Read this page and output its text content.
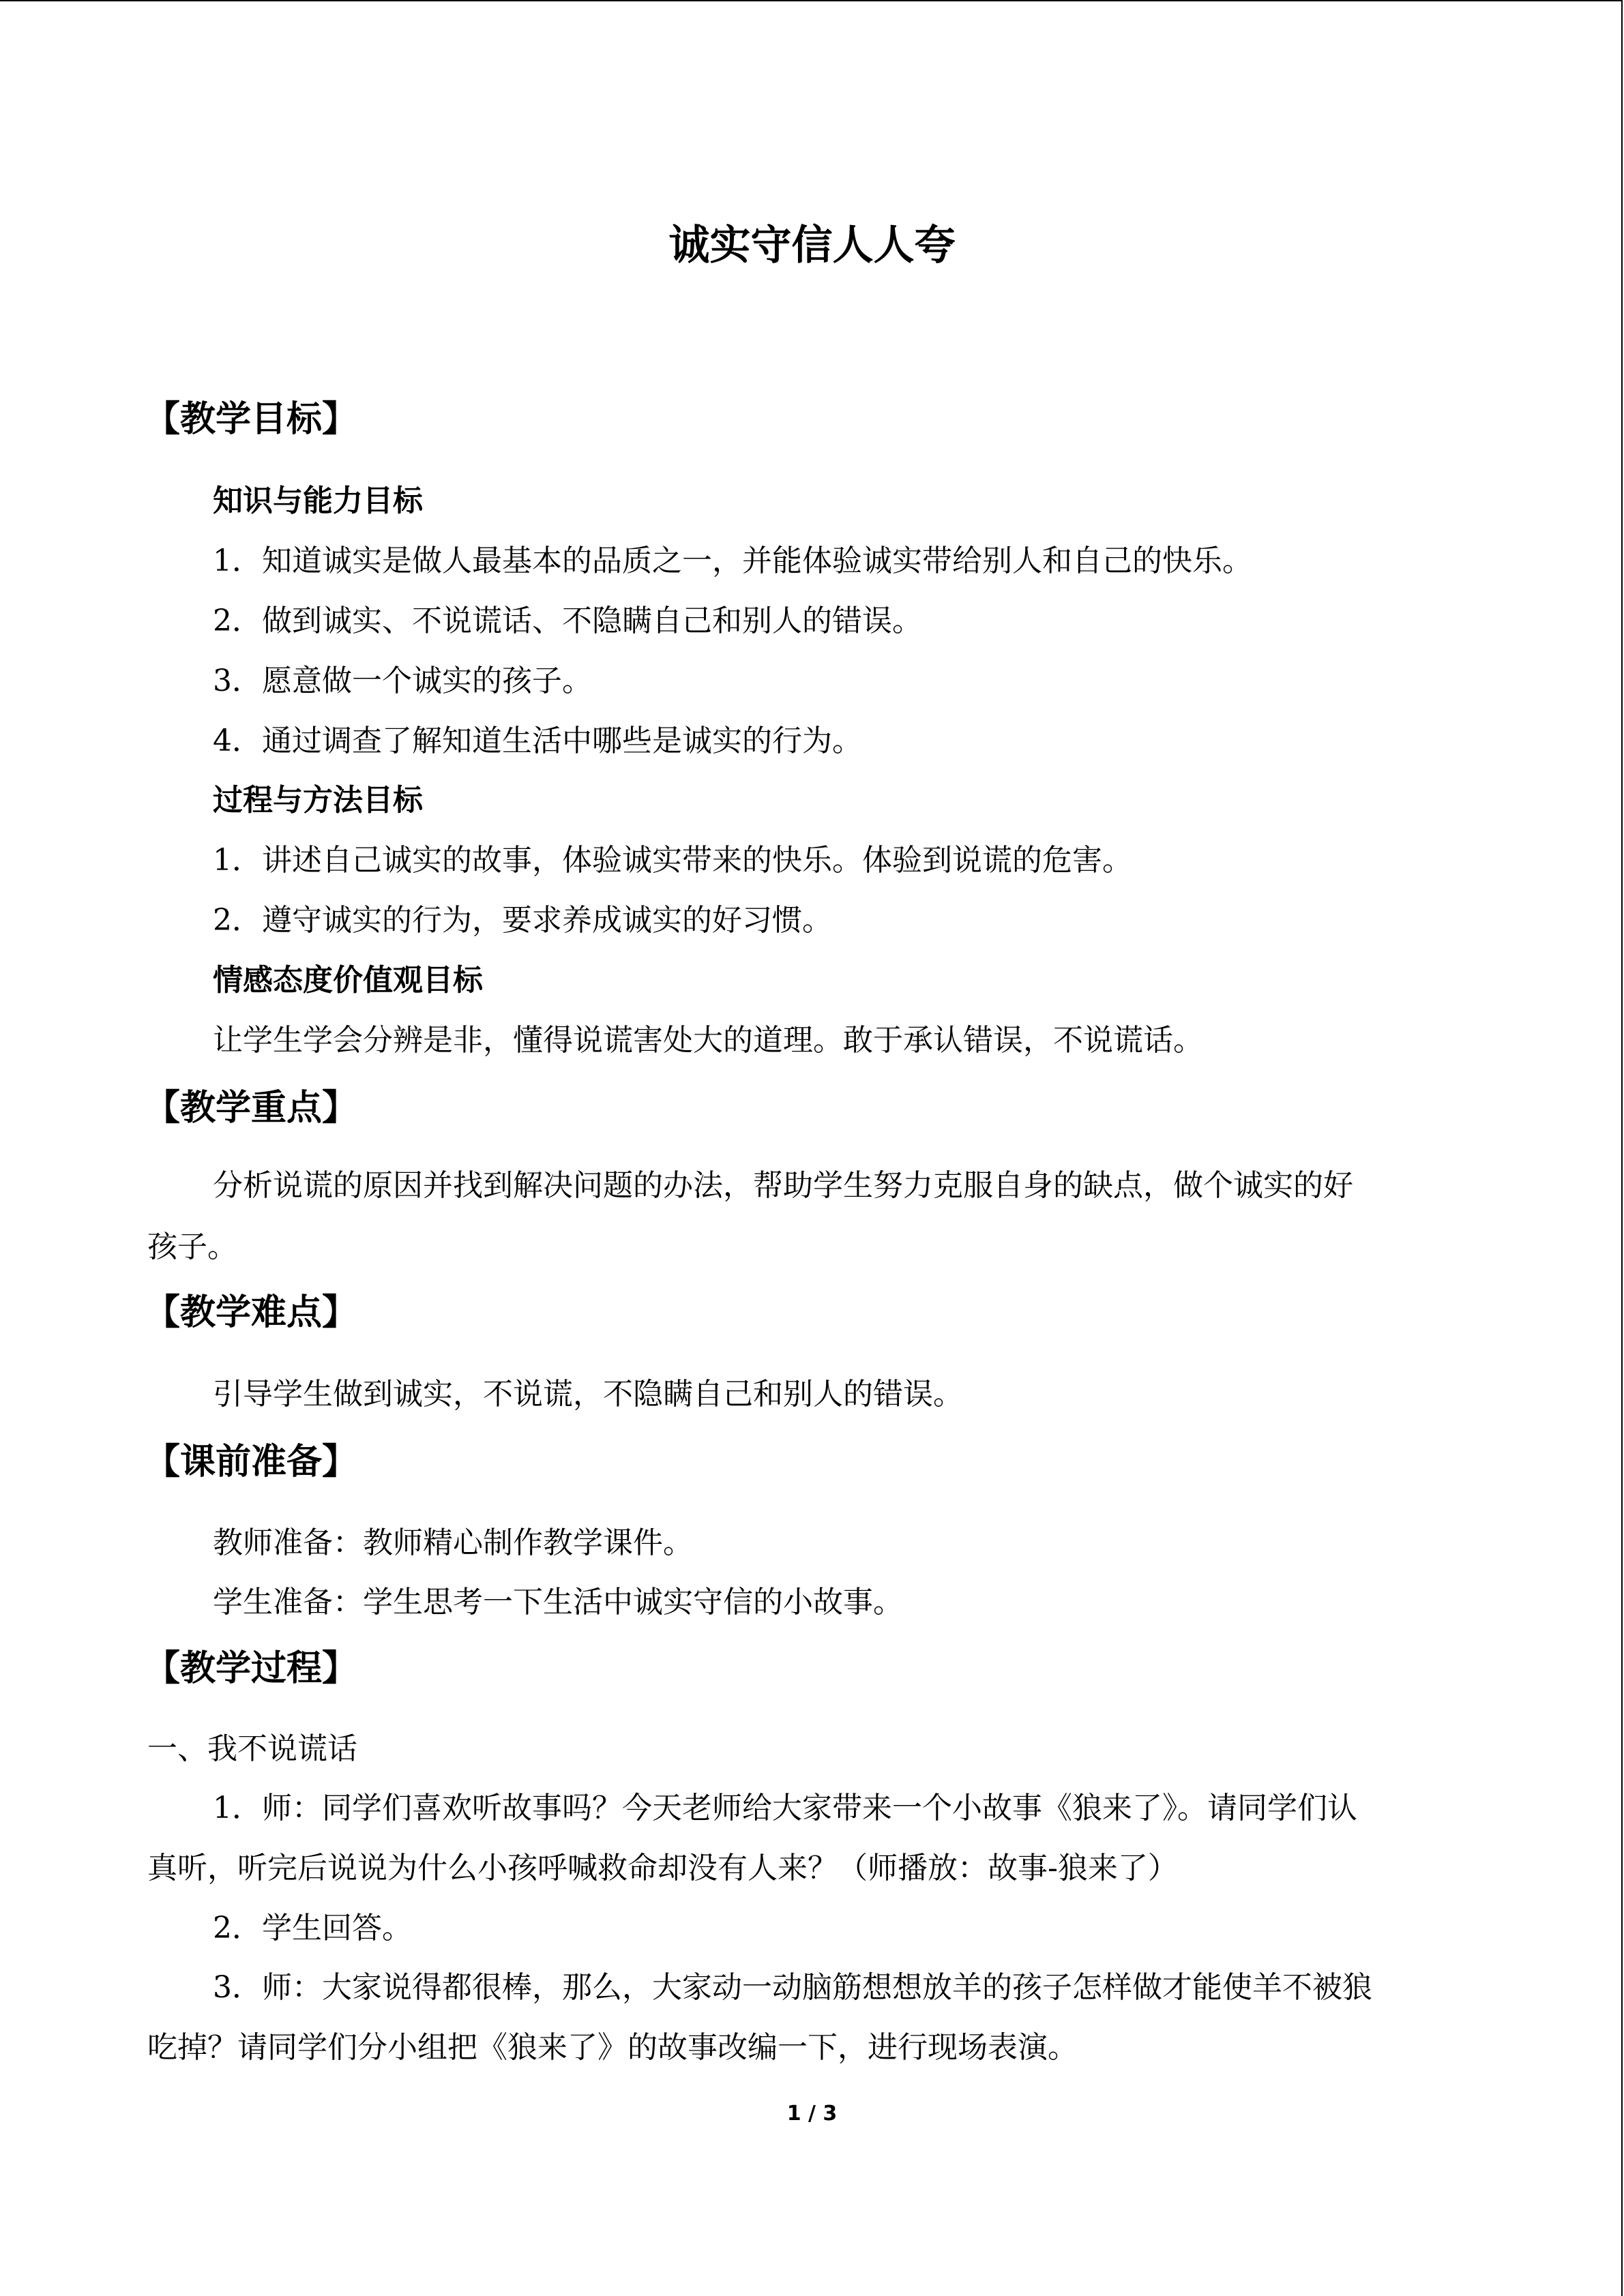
诚实守信人人夸
【教学目标】
知识与能力目标
1．知道诚实是做人最基本的品质之一，并能体验诚实带给别人和自己的快乐。
2．做到诚实、不说谎话、不隐瞒自己和别人的错误。
3．愿意做一个诚实的孩子。
4．通过调查了解知道生活中哪些是诚实的行为。
过程与方法目标
1．讲述自己诚实的故事，体验诚实带来的快乐。体验到说谎的危害。
2．遵守诚实的行为，要求养成诚实的好习惯。
情感态度价值观目标
让学生学会分辨是非，懂得说谎害处大的道理。敢于承认错误，不说谎话。
【教学重点】
分析说谎的原因并找到解决问题的办法，帮助学生努力克服自身的缺点，做个诚实的好
孩子。
【教学难点】
引导学生做到诚实，不说谎，不隐瞒自己和别人的错误。
【课前准备】
教师准备：教师精心制作教学课件。
学生准备：学生思考一下生活中诚实守信的小故事。
【教学过程】
一、我不说谎话
1．师：同学们喜欢听故事吗？今天老师给大家带来一个小故事《狼来了》。请同学们认
真听，听完后说说为什么小孩呼喊救命却没有人来？（师播放：故事-狼来了）
2．学生回答。
3．师：大家说得都很棒，那么，大家动一动脑筋想想放羊的孩子怎样做才能使羊不被狼
吃掉？请同学们分小组把《狼来了》的故事改编一下，进行现场表演。
1 / 3
